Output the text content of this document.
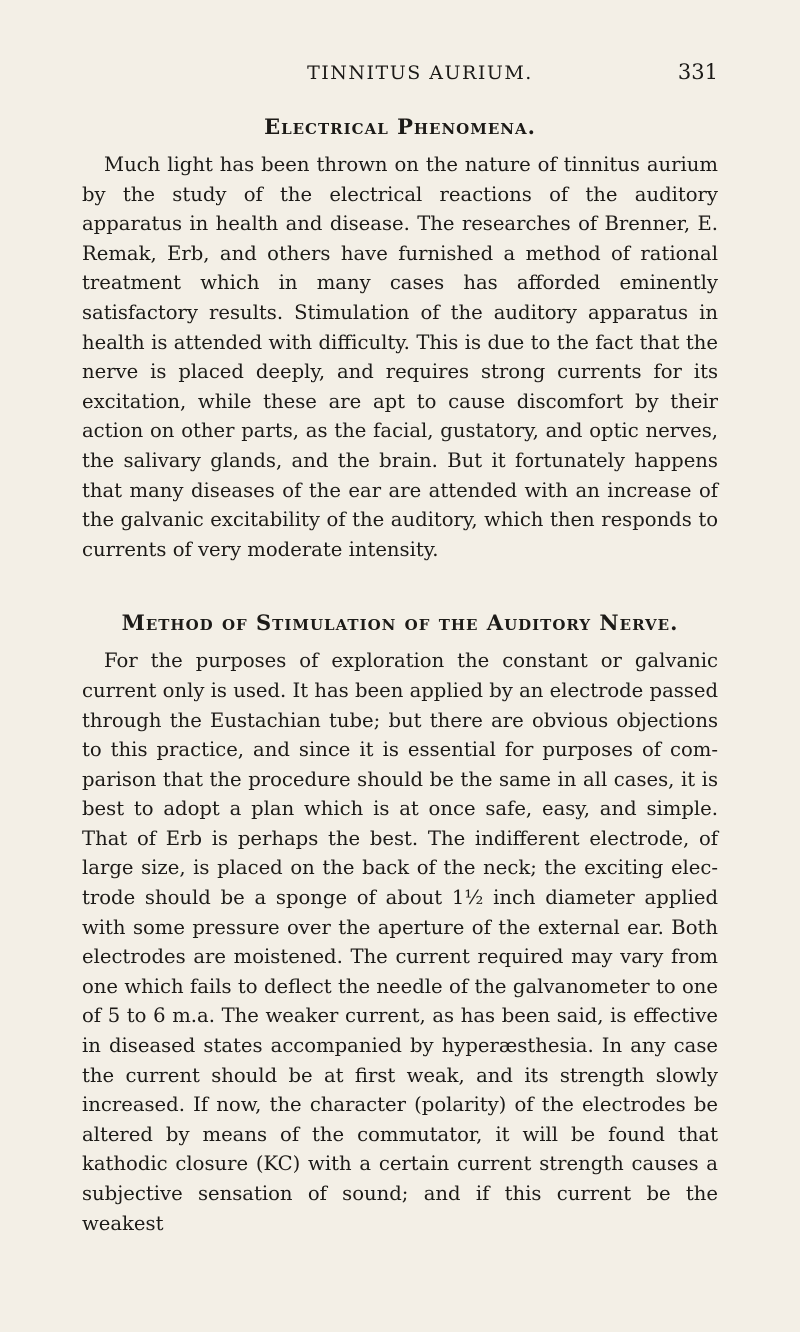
TINNITUS AURIUM.	331
Electrical Phenomena.

Much light has been thrown on the nature of tinnitus aurium by the study of the electrical reactions of the auditory apparatus in health and disease. The researches of Brenner, E. Remak, Erb, and others have furnished a method of rational treatment which in many cases has afforded eminently satisfactory results. Stimulation of the auditory apparatus in health is attended with difficulty. This is due to the fact that the nerve is placed deeply, and requires strong currents for its excitation, while these are apt to cause discomfort by their action on other parts, as the facial, gustatory, and optic nerves, the salivary glands, and the brain. But it fortunately happens that many diseases of the ear are attended with an increase of the galvanic excitability of the auditory, which then responds to currents of very moderate intensity.

Method of Stimulation of the Auditory Nerve.

For the purposes of exploration the constant or galvanic current only is used. It has been applied by an electrode passed through the Eustachian tube; but there are obvious objections to this practice, and since it is essential for purposes of comparison that the procedure should be the same in all cases, it is best to adopt a plan which is at once safe, easy, and simple. That of Erb is perhaps the best. The indifferent electrode, of large size, is placed on the back of the neck; the exciting electrode should be a sponge of about 1½ inch diameter applied with some pressure over the aperture of the external ear. Both electrodes are moistened. The current required may vary from one which fails to deflect the needle of the galvanometer to one of 5 to 6 m.a. The weaker current, as has been said, is effective in diseased states accompanied by hyperæsthesia. In any case the current should be at first weak, and its strength slowly increased. If now, the character (polarity) of the electrodes be altered by means of the commutator, it will be found that kathodic closure (KC) with a certain current strength causes a subjective sensation of sound; and if this current be the weakest
